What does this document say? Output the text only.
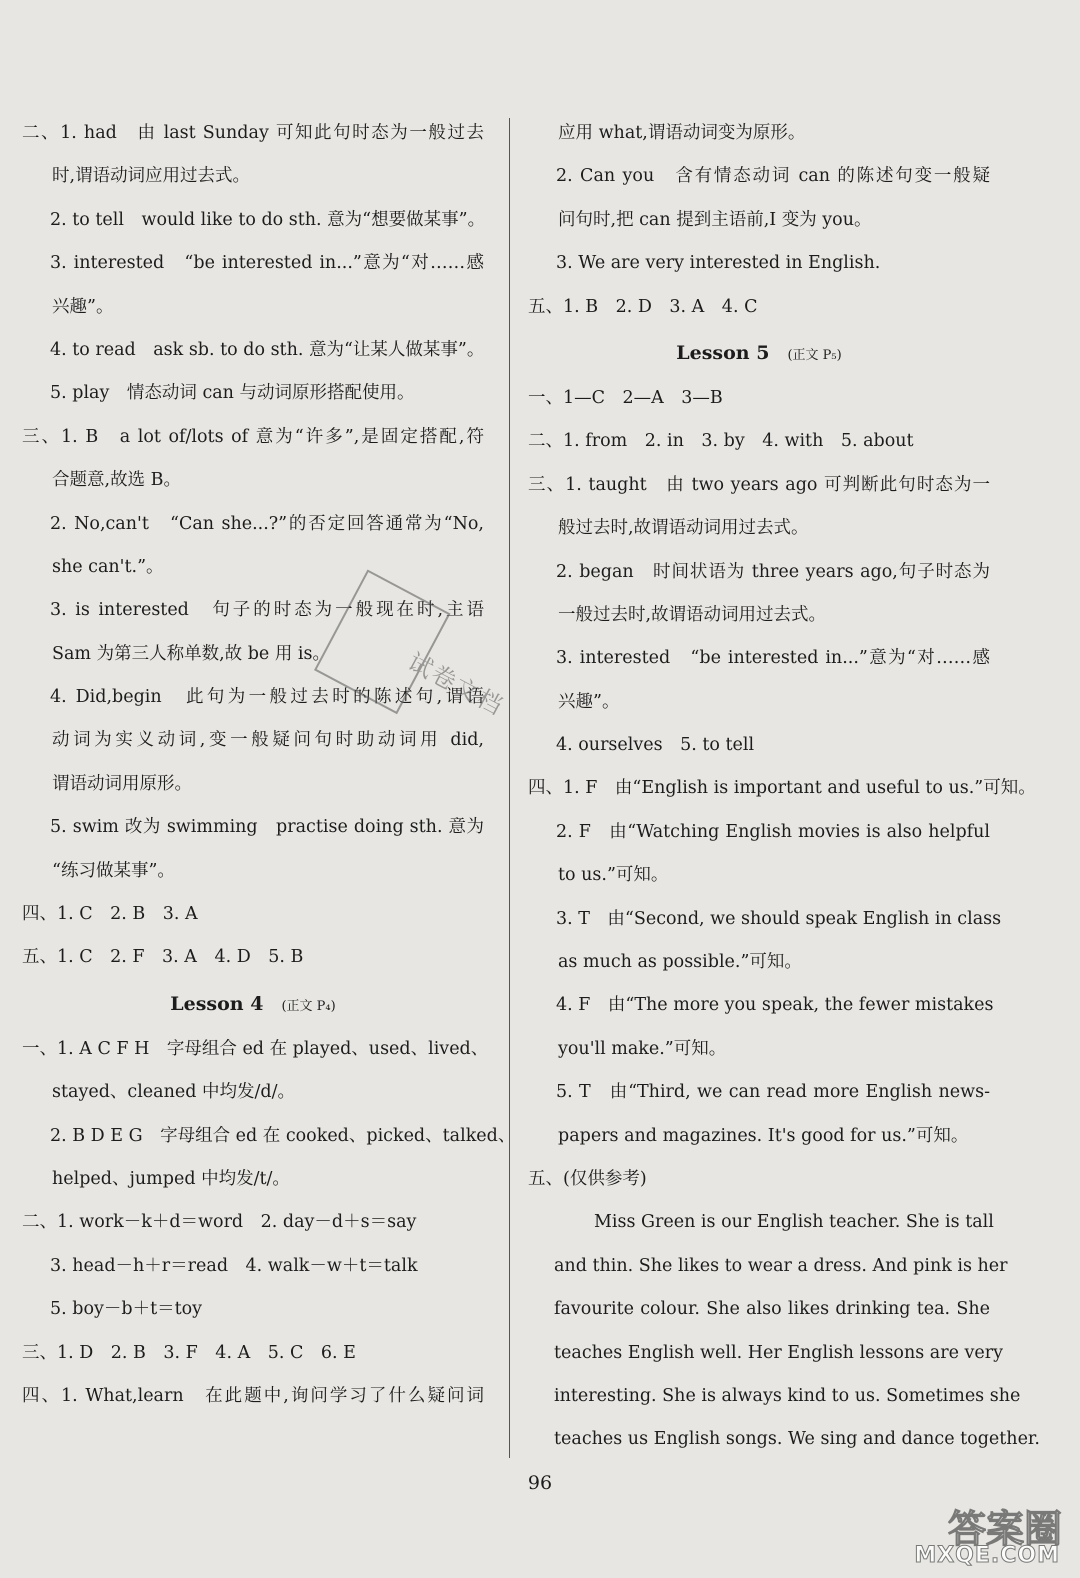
二、1. had　由 last Sunday 可知此句时态为一般过去
时,谓语动词应用过去式。
2. to tell　would like to do sth. 意为“想要做某事”。
3. interested　“be interested in...”意为“对……感
兴趣”。
4. to read　ask sb. to do sth. 意为“让某人做某事”。
5. play　情态动词 can 与动词原形搭配使用。
三、1. B　a lot of/lots of 意为“许多”,是固定搭配,符
合题意,故选 B。
2. No,can't　“Can she...?”的否定回答通常为“No,
she can't.”。
3. is interested　句子的时态为一般现在时,主语
Sam 为第三人称单数,故 be 用 is。
4. Did,begin　此句为一般过去时的陈述句,谓语
动词为实义动词,变一般疑问句时助动词用 did,
谓语动词用原形。
5. swim 改为 swimming　practise doing sth. 意为
“练习做某事”。
四、1. C　2. B　3. A
五、1. C　2. F　3. A　4. D　5. B
Lesson 4 (正文 P₄)
一、1. A C F H　字母组合 ed 在 played、used、lived、
stayed、cleaned 中均发/d/。
2. B D E G　字母组合 ed 在 cooked、picked、talked、
helped、jumped 中均发/t/。
二、1. work－k＋d＝word　2. day－d＋s＝say
3. head－h＋r＝read　4. walk－w＋t＝talk
5. boy－b＋t＝toy
三、1. D　2. B　3. F　4. A　5. C　6. E
四、1. What,learn　在此题中,询问学习了什么疑问词
应用 what,谓语动词变为原形。
2. Can you　含有情态动词 can 的陈述句变一般疑
问句时,把 can 提到主语前,I 变为 you。
3. We are very interested in English.
五、1. B　2. D　3. A　4. C
Lesson 5 (正文 P₅)
一、1—C　2—A　3—B
二、1. from　2. in　3. by　4. with　5. about
三、1. taught　由 two years ago 可判断此句时态为一
般过去时,故谓语动词用过去式。
2. began　时间状语为 three years ago,句子时态为
一般过去时,故谓语动词用过去式。
3. interested　“be interested in...”意为“对……感
兴趣”。
4. ourselves　5. to tell
四、1. F　由“English is important and useful to us.”可知。
2. F　由“Watching English movies is also helpful
to us.”可知。
3. T　由“Second, we should speak English in class
as much as possible.”可知。
4. F　由“The more you speak, the fewer mistakes
you'll make.”可知。
5. T　由“Third, we can read more English news-
papers and magazines. It's good for us.”可知。
五、(仅供参考)
Miss Green is our English teacher. She is tall
and thin. She likes to wear a dress. And pink is her
favourite colour. She also likes drinking tea. She
teaches English well. Her English lessons are very
interesting. She is always kind to us. Sometimes she
teaches us English songs. We sing and dance together.
试卷文档
96
答案圈
MXQE.COM
